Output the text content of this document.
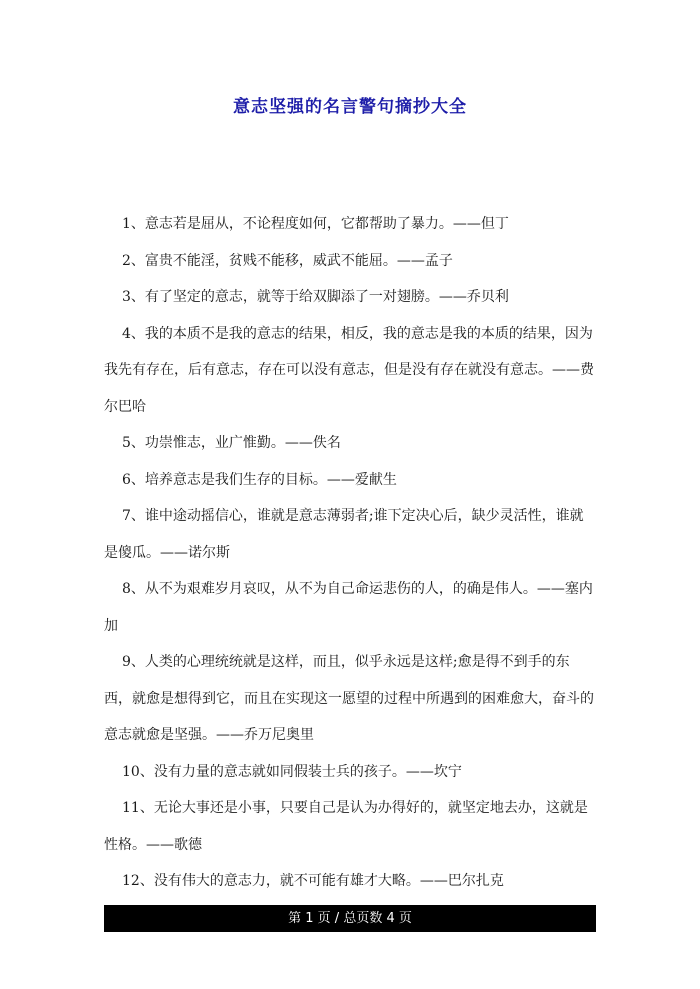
意志坚强的名言警句摘抄大全

1、意志若是屈从，不论程度如何，它都帮助了暴力。——但丁

2、富贵不能淫，贫贱不能移，威武不能屈。——孟子

3、有了坚定的意志，就等于给双脚添了一对翅膀。——乔贝利

4、我的本质不是我的意志的结果，相反，我的意志是我的本质的结果，因为我先有存在，后有意志，存在可以没有意志，但是没有存在就没有意志。——费尔巴哈

5、功崇惟志，业广惟勤。——佚名

6、培养意志是我们生存的目标。——爱献生

7、谁中途动摇信心，谁就是意志薄弱者;谁下定决心后，缺少灵活性，谁就是傻瓜。——诺尔斯

8、从不为艰难岁月哀叹，从不为自己命运悲伤的人，的确是伟人。——塞内加

9、人类的心理统统就是这样，而且，似乎永远是这样;愈是得不到手的东西，就愈是想得到它，而且在实现这一愿望的过程中所遇到的困难愈大，奋斗的意志就愈是坚强。——乔万尼奥里

10、没有力量的意志就如同假装士兵的孩子。——坎宁

11、无论大事还是小事，只要自己是认为办得好的，就坚定地去办，这就是性格。——歌德

12、没有伟大的意志力，就不可能有雄才大略。——巴尔扎克

第 1 页 / 总页数 4 页
